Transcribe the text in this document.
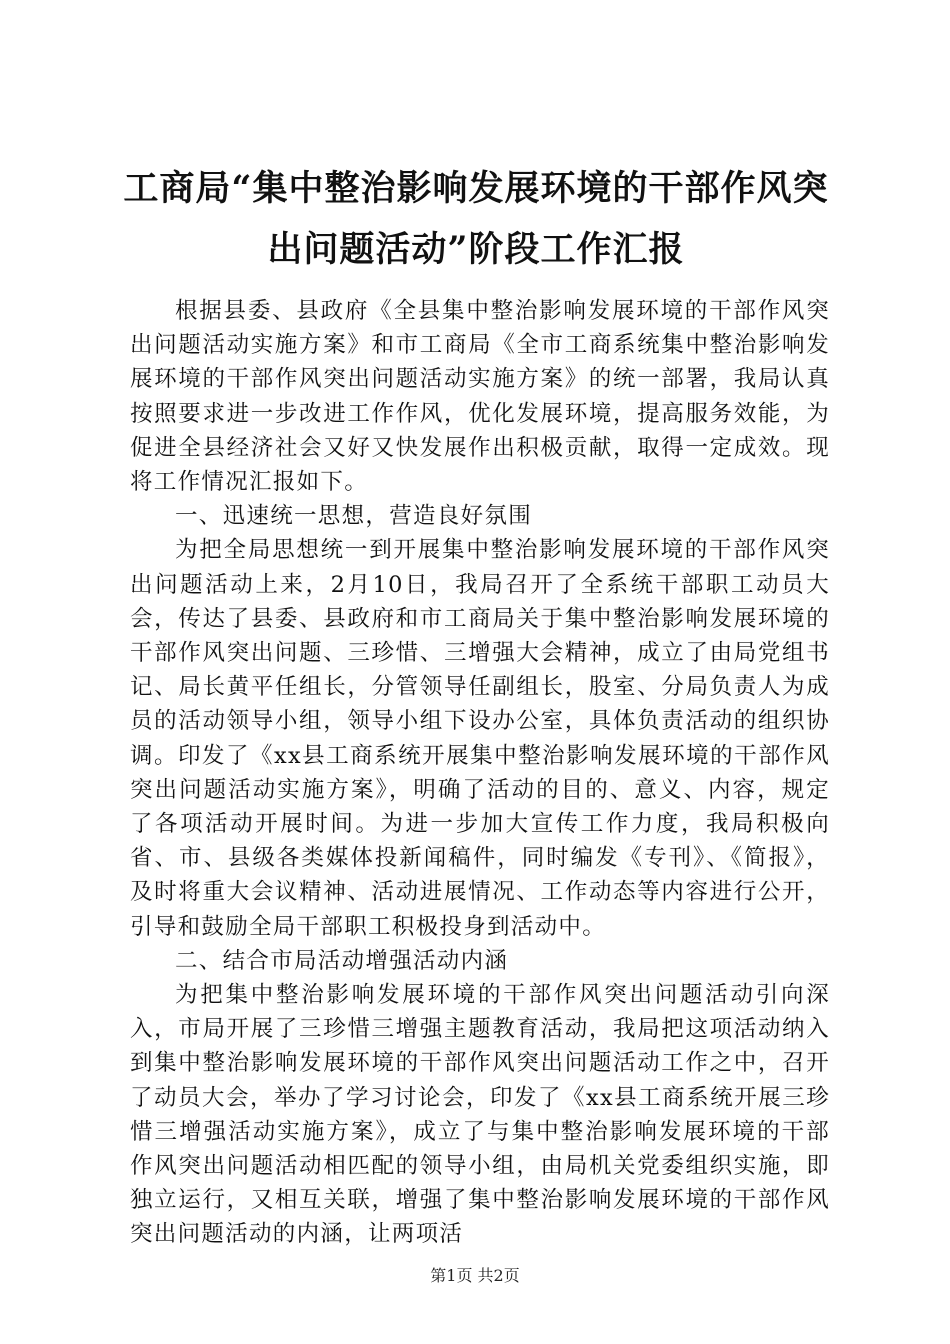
工商局“集中整治影响发展环境的干部作风突出问题活动”阶段工作汇报

根据县委、县政府《全县集中整治影响发展环境的干部作风突出问题活动实施方案》和市工商局《全市工商系统集中整治影响发展环境的干部作风突出问题活动实施方案》的统一部署，我局认真按照要求进一步改进工作作风，优化发展环境，提高服务效能，为促进全县经济社会又好又快发展作出积极贡献，取得一定成效。现将工作情况汇报如下。

一、迅速统一思想，营造良好氛围

为把全局思想统一到开展集中整治影响发展环境的干部作风突出问题活动上来，2月10日，我局召开了全系统干部职工动员大会，传达了县委、县政府和市工商局关于集中整治影响发展环境的干部作风突出问题、三珍惜、三增强大会精神，成立了由局党组书记、局长黄平任组长，分管领导任副组长，股室、分局负责人为成员的活动领导小组，领导小组下设办公室，具体负责活动的组织协调。印发了《xx县工商系统开展集中整治影响发展环境的干部作风突出问题活动实施方案》，明确了活动的目的、意义、内容，规定了各项活动开展时间。为进一步加大宣传工作力度，我局积极向省、市、县级各类媒体投新闻稿件，同时编发《专刊》、《简报》，及时将重大会议精神、活动进展情况、工作动态等内容进行公开，引导和鼓励全局干部职工积极投身到活动中。

二、结合市局活动增强活动内涵

为把集中整治影响发展环境的干部作风突出问题活动引向深入，市局开展了三珍惜三增强主题教育活动，我局把这项活动纳入到集中整治影响发展环境的干部作风突出问题活动工作之中，召开了动员大会，举办了学习讨论会，印发了《xx县工商系统开展三珍惜三增强活动实施方案》，成立了与集中整治影响发展环境的干部作风突出问题活动相匹配的领导小组，由局机关党委组织实施，即独立运行，又相互关联，增强了集中整治影响发展环境的干部作风突出问题活动的内涵，让两项活

第1页 共2页
